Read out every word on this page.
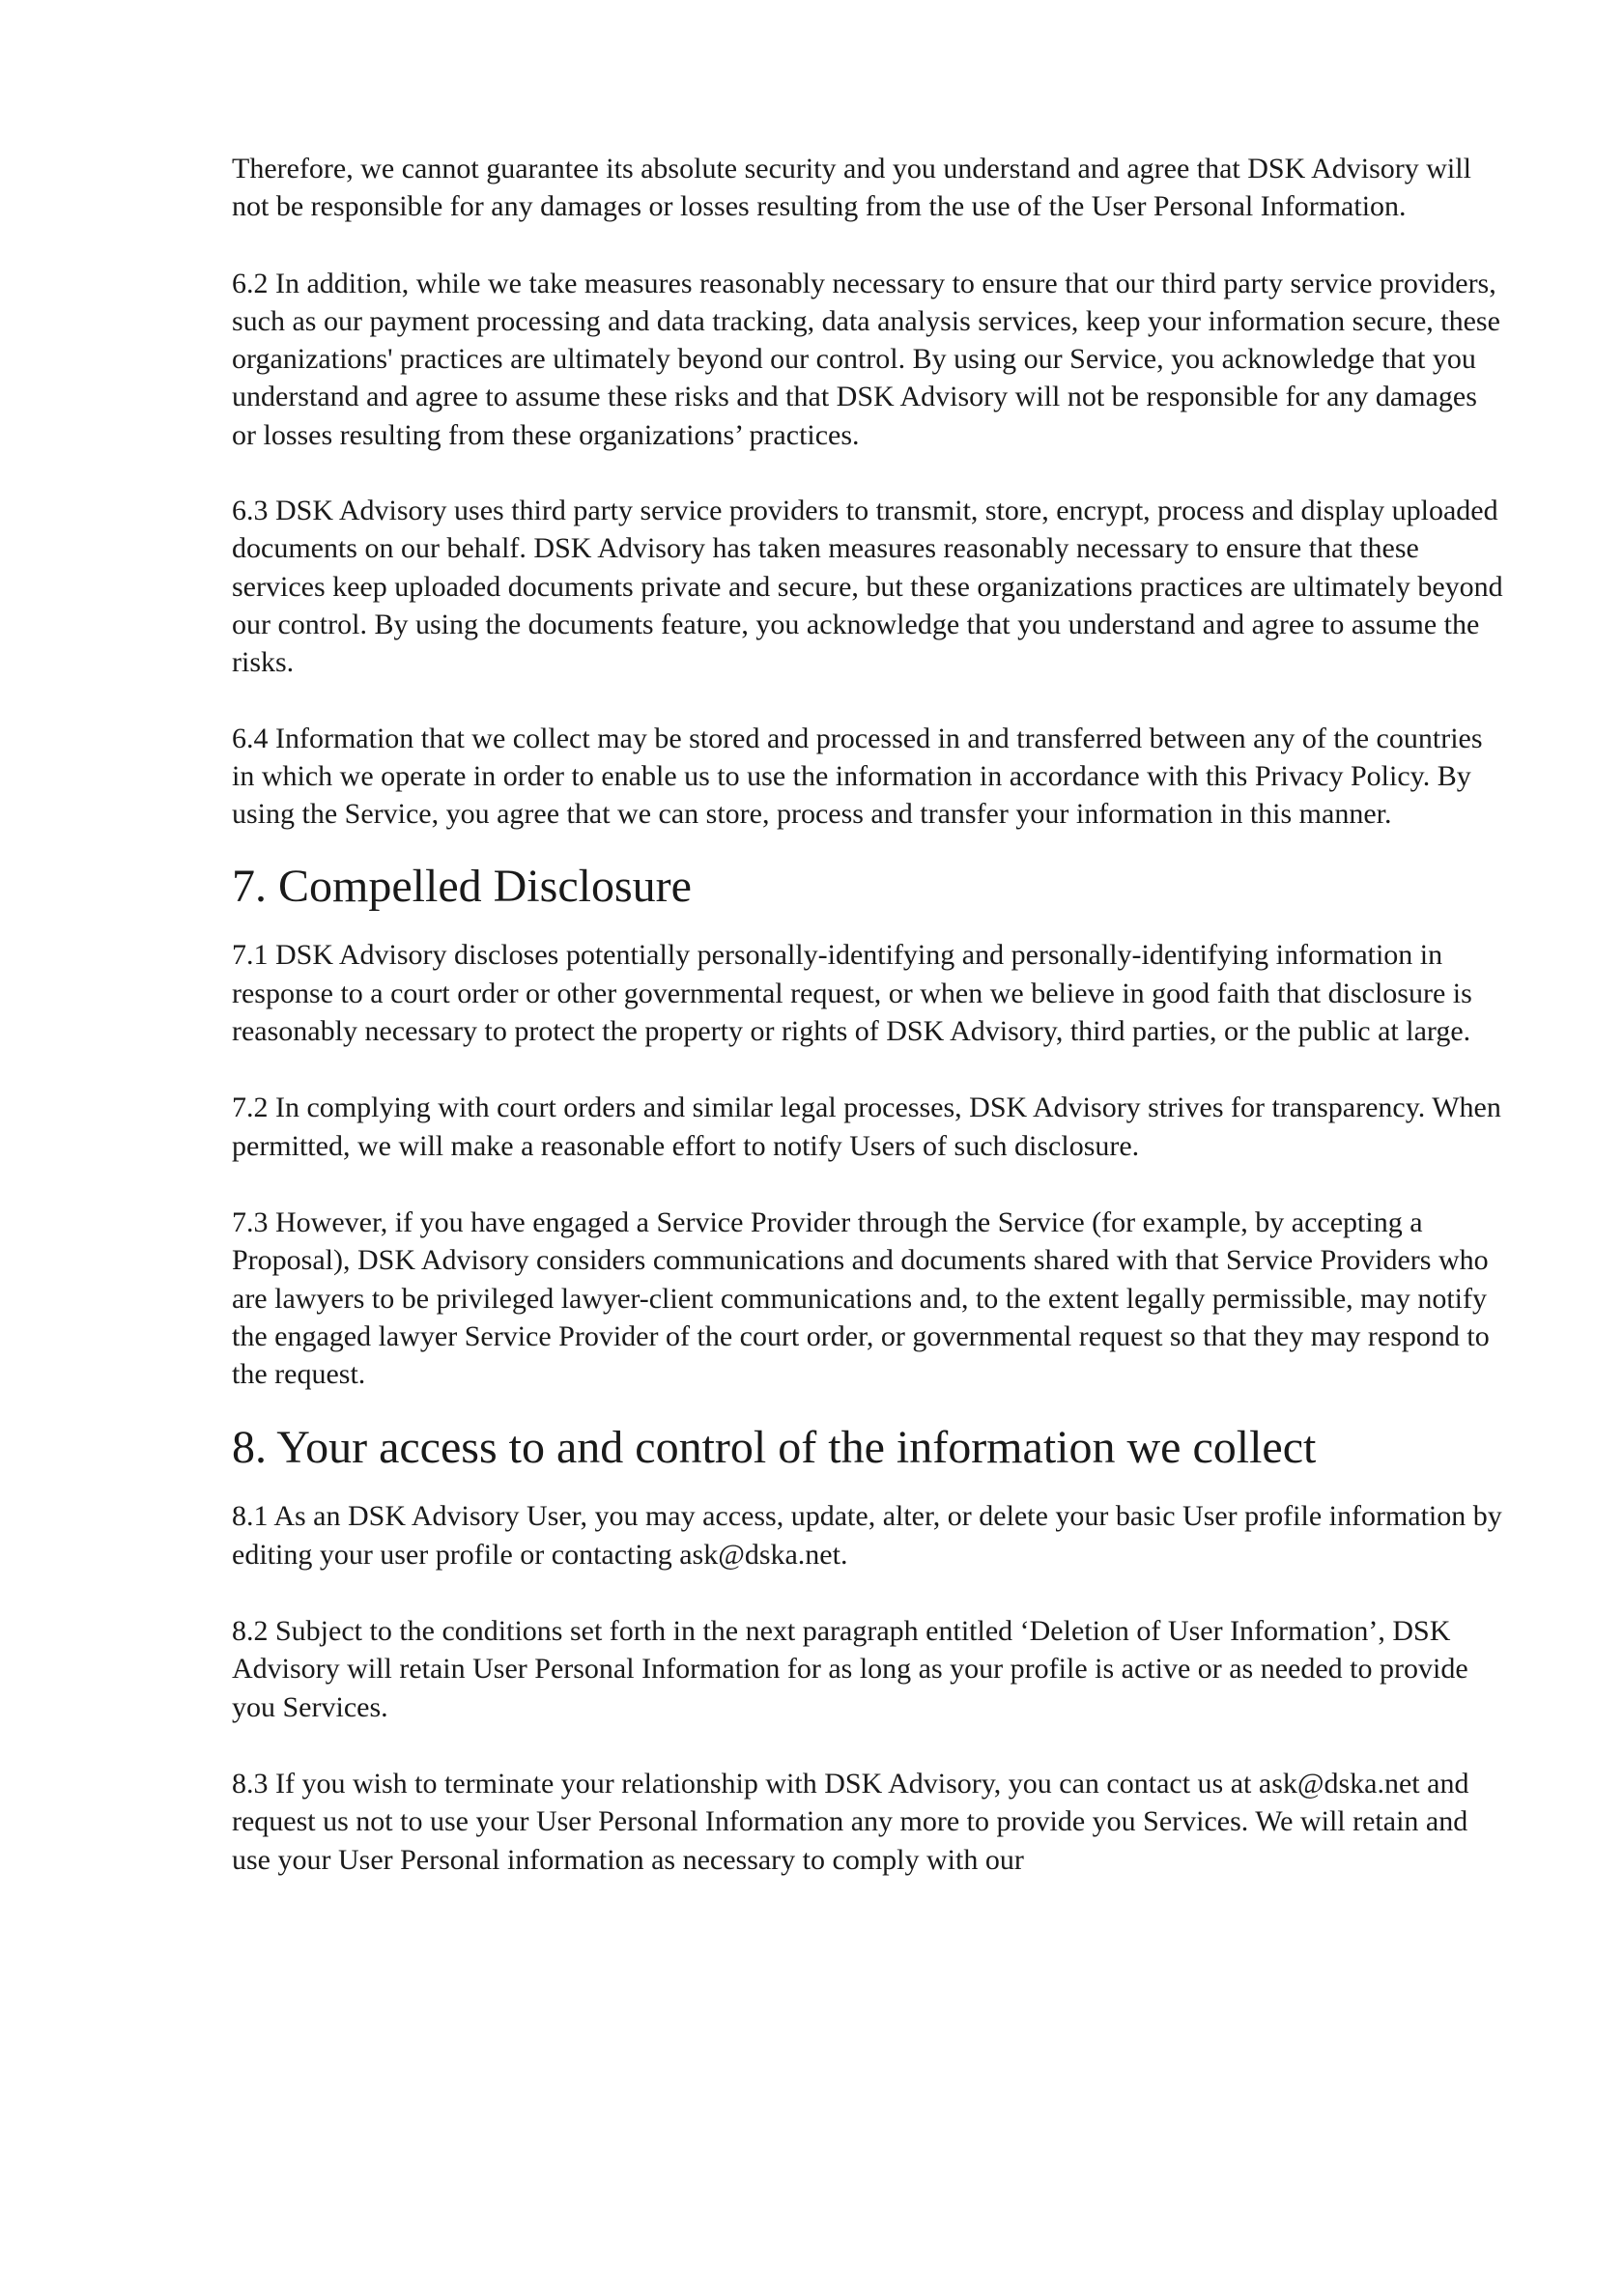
Therefore, we cannot guarantee its absolute security and you understand and agree that DSK Advisory will not be responsible for any damages or losses resulting from the use of the User Personal Information.

6.2 In addition, while we take measures reasonably necessary to ensure that our third party service providers, such as our payment processing and data tracking, data analysis services, keep your information secure, these organizations' practices are ultimately beyond our control. By using our Service, you acknowledge that you understand and agree to assume these risks and that DSK Advisory will not be responsible for any damages or losses resulting from these organizations’ practices.

6.3 DSK Advisory uses third party service providers to transmit, store, encrypt, process and display uploaded documents on our behalf. DSK Advisory has taken measures reasonably necessary to ensure that these services keep uploaded documents private and secure, but these organizations practices are ultimately beyond our control. By using the documents feature, you acknowledge that you understand and agree to assume the risks.

6.4 Information that we collect may be stored and processed in and transferred between any of the countries in which we operate in order to enable us to use the information in accordance with this Privacy Policy. By using the Service, you agree that we can store, process and transfer your information in this manner.

7. Compelled Disclosure

7.1 DSK Advisory discloses potentially personally-identifying and personally-identifying information in response to a court order or other governmental request, or when we believe in good faith that disclosure is reasonably necessary to protect the property or rights of DSK Advisory, third parties, or the public at large.

7.2 In complying with court orders and similar legal processes, DSK Advisory strives for transparency. When permitted, we will make a reasonable effort to notify Users of such disclosure.

7.3 However, if you have engaged a Service Provider through the Service (for example, by accepting a Proposal), DSK Advisory considers communications and documents shared with that Service Providers who are lawyers to be privileged lawyer-client communications and, to the extent legally permissible, may notify the engaged lawyer Service Provider of the court order, or governmental request so that they may respond to the request.

8. Your access to and control of the information we collect

8.1 As an DSK Advisory User, you may access, update, alter, or delete your basic User profile information by editing your user profile or contacting ask@dska.net.

8.2 Subject to the conditions set forth in the next paragraph entitled ‘Deletion of User Information’, DSK Advisory will retain User Personal Information for as long as your profile is active or as needed to provide you Services.

8.3 If you wish to terminate your relationship with DSK Advisory, you can contact us at ask@dska.net and request us not to use your User Personal Information any more to provide you Services. We will retain and use your User Personal information as necessary to comply with our
